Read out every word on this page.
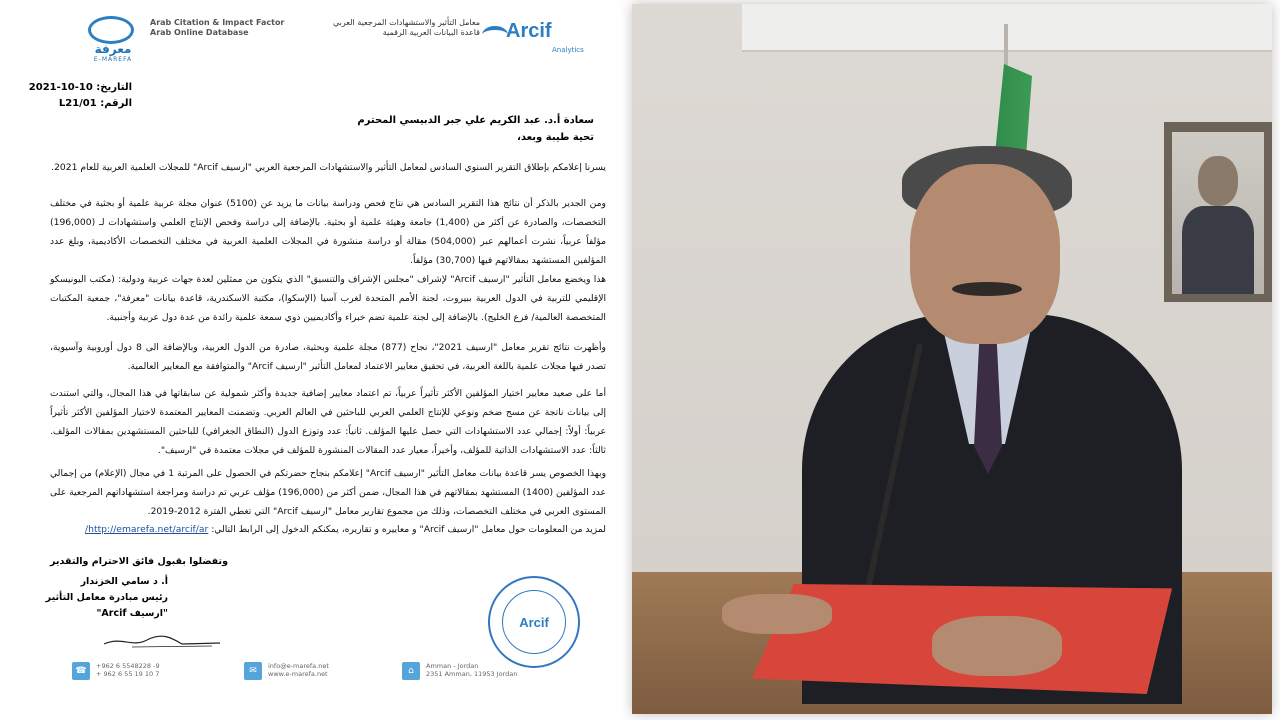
معرفة
E-MAREFA
Arab Citation & Impact Factor	معامل التأثير والاستشهادات المرجعية العربي
Arab Online Database	قاعدة البيانات العربية الرقمية Arcif
Analytics
التاريخ: 10-10-2021
الرقم: L21/01
سعادة أ.د. عبد الكريم علي جبر الدبيسي المحترم
تحية طيبة وبعد،
يسرنا إعلامكم بإطلاق التقرير السنوي السادس لمعامل التأثير والاستشهادات المرجعية العربي "ارسيف Arcif" للمجلات العلمية العربية للعام 2021.
ومن الجدير بالذكر أن نتائج هذا التقرير السادس هي نتاج فحص ودراسة بيانات ما يزيد عن (5100) عنوان مجلة عربية علمية أو بحثية في مختلف التخصصات، والصادرة عن أكثر من (1,400) جامعة وهيئة علمية أو بحثية. بالإضافة إلى دراسة وفحص الإنتاج العلمي واستشهادات لـ (196,000) مؤلفاً عربياً، نشرت أعمالهم عبر (504,000) مقالة أو دراسة منشورة في المجلات العلمية العربية في مختلف التخصصات الأكاديمية، وبلغ عدد المؤلفين المستشهد بمقالاتهم فيها (30,700) مؤلفاً.
هذا ويخضع معامل التأثير "ارسيف Arcif" لإشراف "مجلس الإشراف والتنسيق" الذي يتكون من ممثلين لعدة جهات عربية ودولية: (مكتب اليونيسكو الإقليمي للتربية في الدول العربية ببيروت، لجنة الأمم المتحدة لغرب آسيا (الإسكوا)، مكتبة الاسكندرية، قاعدة بيانات "معرفة"، جمعية المكتبات المتخصصة العالمية/ فرع الخليج). بالإضافة إلى لجنة علمية تضم خبراء وأكاديميين ذوي سمعة علمية رائدة من عدة دول عربية وأجنبية.
وأظهرت نتائج تقرير معامل "ارسيف 2021"، نجاح (877) مجلة علمية وبحثية، صادرة من الدول العربية، وبالإضافة الى 8 دول أوروبية وآسيوية، تصدر فيها مجلات علمية باللغة العربية، في تحقيق معايير الاعتماد لمعامل التأثير "ارسيف Arcif" والمتوافقة مع المعايير العالمية.
أما على صعيد معايير اختيار المؤلفين الأكثر تأثيراً عربياً، تم اعتماد معايير إضافية جديدة وأكثر شمولية عن سابقاتها في هذا المجال، والتي استندت إلى بيانات ناتجة عن مسح ضخم ونوعي للإنتاج العلمي العربي للباحثين في العالم العربي. وتضمنت المعايير المعتمدة لاختيار المؤلفين الأكثر تأثيراً عربياً: أولاً: إجمالي عدد الاستشهادات التي حصل عليها المؤلف. ثانياً: عدد وتوزع الدول (النطاق الجغرافي) للباحثين المستشهدين بمقالات المؤلف. ثالثاً: عدد الاستشهادات الذاتية للمؤلف، وأخيراً، معيار عدد المقالات المنشورة للمؤلف في مجلات معتمدة في "ارسيف".
وبهذا الخصوص يسر قاعدة بيانات معامل التأثير "ارسيف Arcif" إعلامكم بنجاح حضرتكم في الحصول على المرتبة 1 في مجال (الإعلام) من إجمالي عدد المؤلفين (1400) المستشهد بمقالاتهم في هذا المجال، ضمن أكثر من (196,000) مؤلف عربي تم دراسة ومراجعة استشهاداتهم المرجعية على المستوى العربي في مختلف التخصصات، وذلك من مجموع تقارير معامل "ارسيف Arcif" التي تغطي الفترة 2012-2019.
لمزيد من المعلومات حول معامل "ارسيف Arcif" و معاييره و تقاريره، يمكنكم الدخول إلى الرابط التالي: http://emarefa.net/arcif/ar/
وتفضلوا بقبول فائق الاحترام والتقدير
أ. د سامي الخزندار
رئيس مبادرة معامل التأثير
"ارسيف Arcif"
Arcif
☎	+962 6 5548228 -9
+ 962 6 55 19 10 7	✉	info@e-marefa.net
www.e-marefa.net	⌂	Amman - Jordan
2351 Amman, 11953 Jordan
